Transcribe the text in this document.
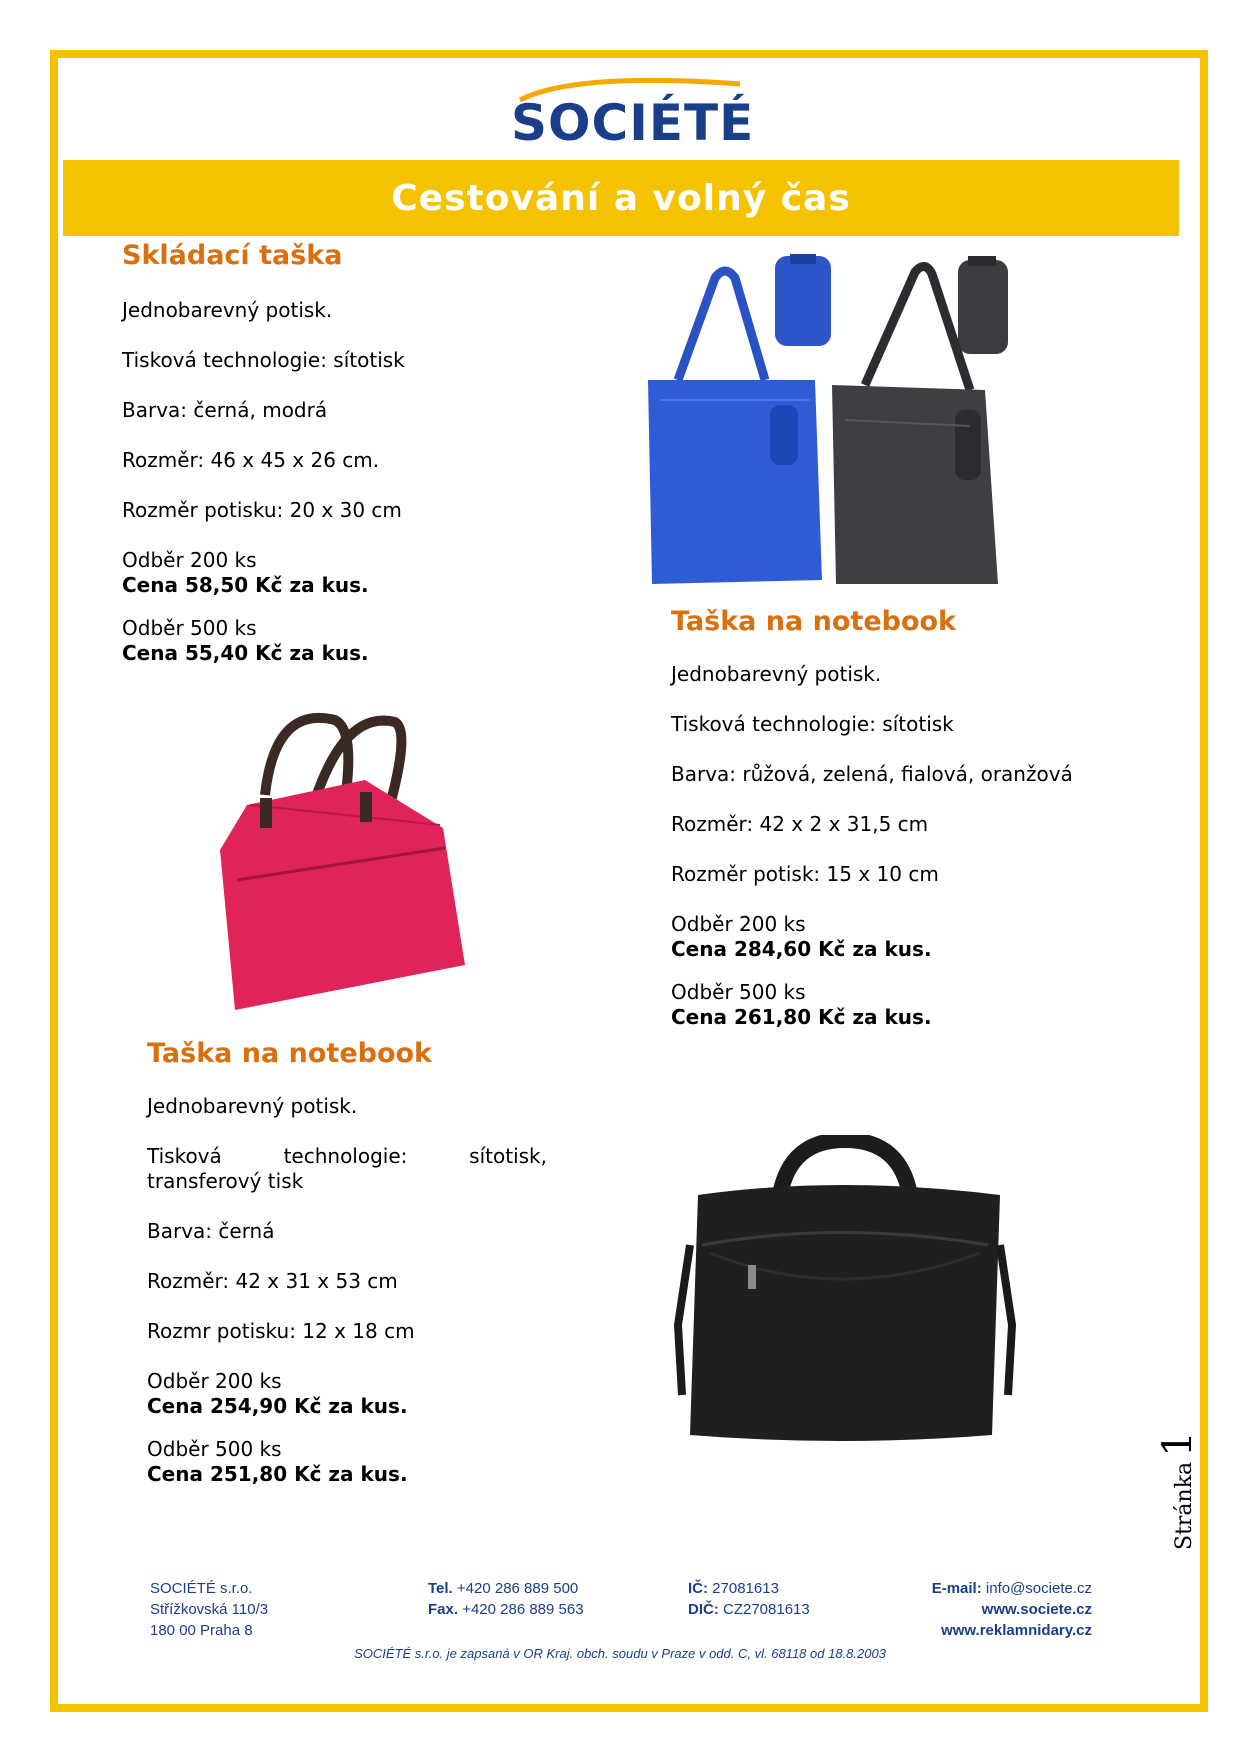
SOCIÉTÉ
Cestování a volný čas
Skládací taška

Jednobarevný potisk.

Tisková technologie: sítotisk

Barva: černá, modrá

Rozměr: 46 x 45 x 26 cm.

Rozměr potisku: 20 x 30 cm

Odběr 200 ks

Cena 58,50 Kč za kus.

Odběr 500 ks

Cena 55,40 Kč za kus.

Taška na notebook

Jednobarevný potisk.

Tisková technologie: sítotisk

Barva: růžová, zelená, fialová, oranžová

Rozměr: 42 x 2 x 31,5 cm

Rozměr potisk: 15 x 10 cm

Odběr 200 ks

Cena 284,60 Kč za kus.

Odběr 500 ks

Cena 261,80 Kč za kus.

Taška na notebook

Jednobarevný potisk.

Tisková technologie: sítotisk, transferový tisk

Barva: černá

Rozměr: 42 x 31 x 53 cm

Rozmr potisku: 12 x 18 cm

Odběr 200 ks

Cena 254,90 Kč za kus.

Odběr 500 ks

Cena 251,80 Kč za kus.	Stránka 1
SOCIÉTÉ s.r.o.
Střížkovská 110/3
180 00 Praha 8
Tel. +420 286 889 500
Fax. +420 286 889 563
IČ: 27081613
DIČ: CZ27081613
E-mail: info@societe.cz
www.societe.cz
www.reklamnidary.cz
SOCIÉTÉ s.r.o. je zapsaná v OR Kraj. obch. soudu v Praze v odd. C, vl. 68118 od 18.8.2003
